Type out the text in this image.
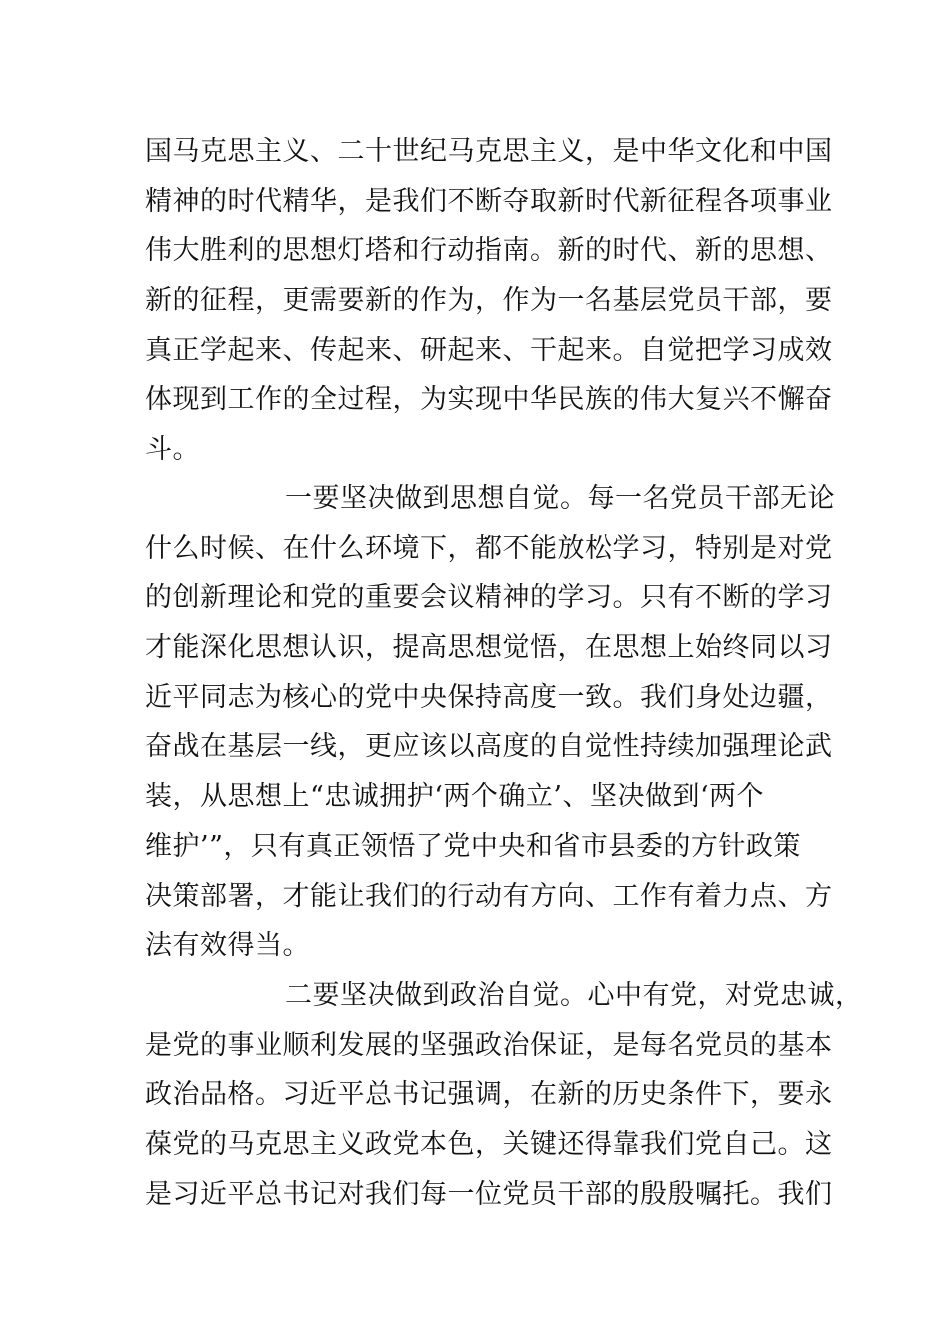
国马克思主义、二十世纪马克思主义，是中华文化和中国
精神的时代精华，是我们不断夺取新时代新征程各项事业
伟大胜利的思想灯塔和行动指南。新的时代、新的思想、
新的征程，更需要新的作为，作为一名基层党员干部，要
真正学起来、传起来、研起来、干起来。自觉把学习成效
体现到工作的全过程，为实现中华民族的伟大复兴不懈奋
斗。
一要坚决做到思想自觉。每一名党员干部无论
什么时候、在什么环境下，都不能放松学习，特别是对党
的创新理论和党的重要会议精神的学习。只有不断的学习
才能深化思想认识，提高思想觉悟，在思想上始终同以习
近平同志为核心的党中央保持高度一致。我们身处边疆，
奋战在基层一线，更应该以高度的自觉性持续加强理论武
装，从思想上“忠诚拥护‘两个确立’、坚决做到‘两个
维护’”，只有真正领悟了党中央和省市县委的方针政策
决策部署，才能让我们的行动有方向、工作有着力点、方
法有效得当。
二要坚决做到政治自觉。心中有党，对党忠诚，
是党的事业顺利发展的坚强政治保证，是每名党员的基本
政治品格。习近平总书记强调，在新的历史条件下，要永
葆党的马克思主义政党本色，关键还得靠我们党自己。这
是习近平总书记对我们每一位党员干部的殷殷嘱托。我们
